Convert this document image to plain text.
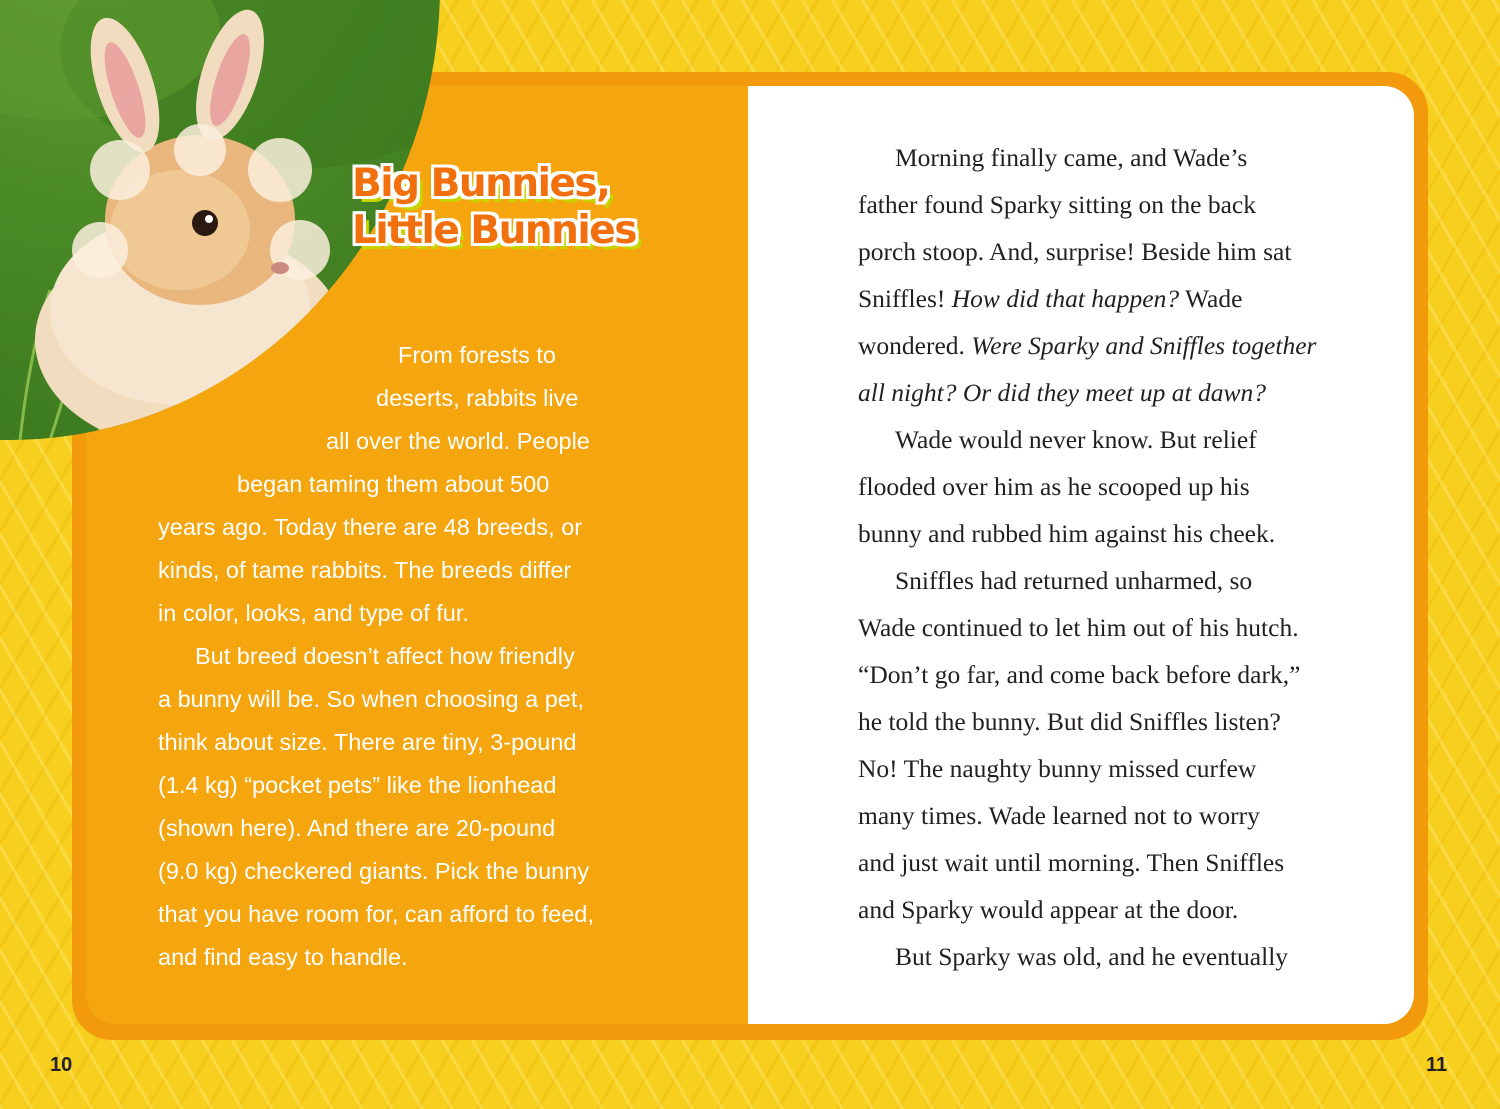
Big Bunnies,
Little Bunnies

From forests to

deserts, rabbits live

all over the world. People

began taming them about 500

years ago. Today there are 48 breeds, or

kinds, of tame rabbits. The breeds differ

in color, looks, and type of fur.

But breed doesn’t affect how friendly

a bunny will be. So when choosing a pet,

think about size. There are tiny, 3-pound

(1.4 kg) “pocket pets” like the lionhead

(shown here). And there are 20-pound

(9.0 kg) checkered giants. Pick the bunny

that you have room for, can afford to feed,

and find easy to handle.

Morning finally came, and Wade’s

father found Sparky sitting on the back

porch stoop. And, surprise! Beside him sat

Sniffles! How did that happen? Wade

wondered. Were Sparky and Sniffles together

all night? Or did they meet up at dawn?

Wade would never know. But relief

flooded over him as he scooped up his

bunny and rubbed him against his cheek.

Sniffles had returned unharmed, so

Wade continued to let him out of his hutch.

“Don’t go far, and come back before dark,”

he told the bunny. But did Sniffles listen?

No! The naughty bunny missed curfew

many times. Wade learned not to worry

and just wait until morning. Then Sniffles

and Sparky would appear at the door.

But Sparky was old, and he eventually

10	11
